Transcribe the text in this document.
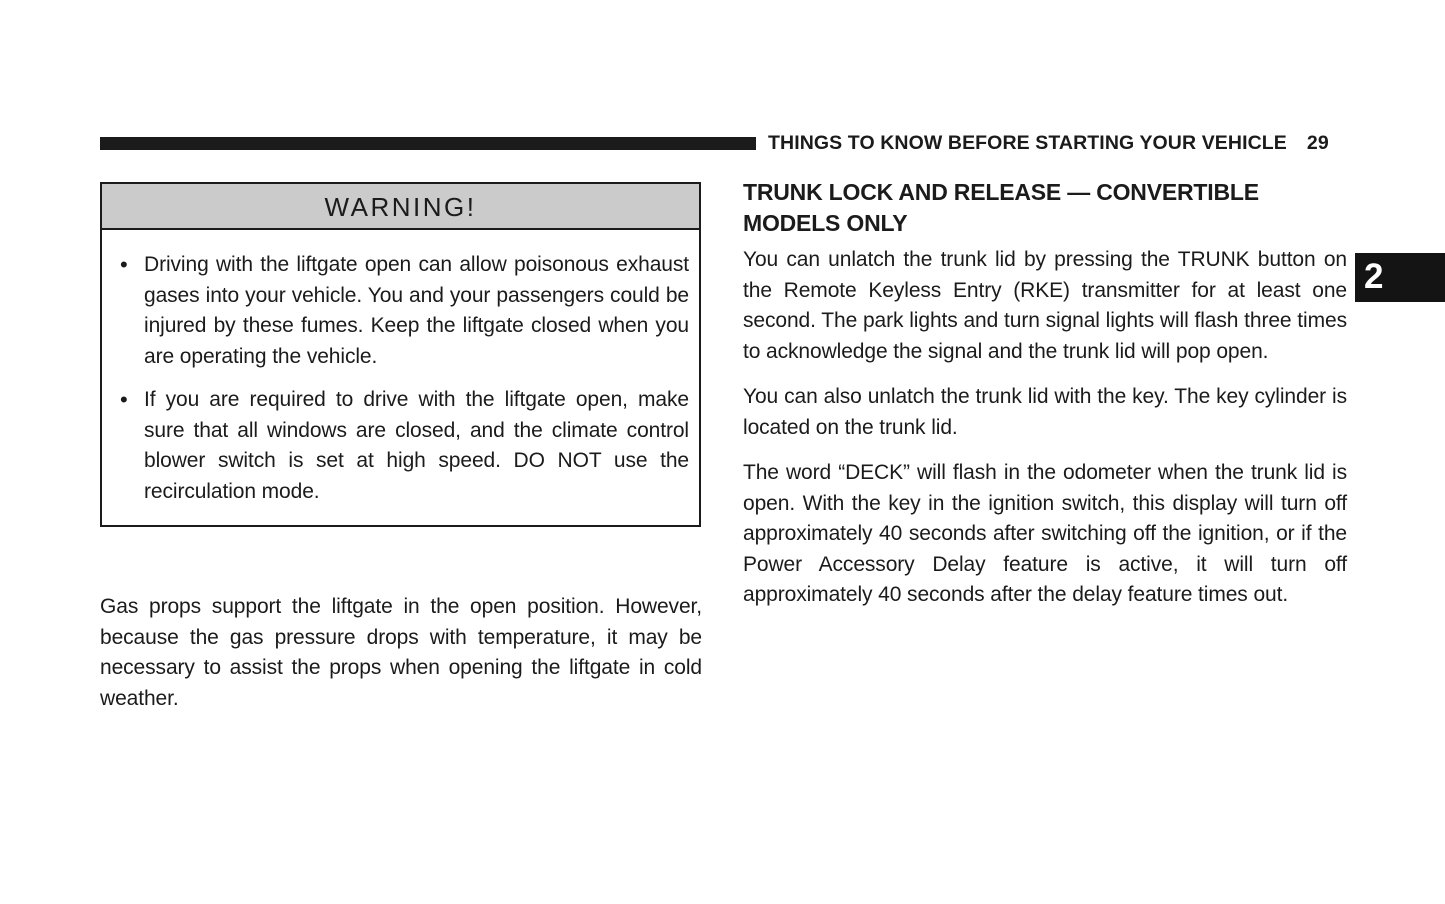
THINGS TO KNOW BEFORE STARTING YOUR VEHICLE 29
2
WARNING!
• Driving with the liftgate open can allow poisonous exhaust gases into your vehicle. You and your passengers could be injured by these fumes. Keep the liftgate closed when you are operating the vehicle.
• If you are required to drive with the liftgate open, make sure that all windows are closed, and the climate control blower switch is set at high speed. DO NOT use the recirculation mode.

Gas props support the liftgate in the open position. However, because the gas pressure drops with temperature, it may be necessary to assist the props when opening the liftgate in cold weather.

TRUNK LOCK AND RELEASE — CONVERTIBLE MODELS ONLY

You can unlatch the trunk lid by pressing the TRUNK button on the Remote Keyless Entry (RKE) transmitter for at least one second. The park lights and turn signal lights will flash three times to acknowledge the signal and the trunk lid will pop open.

You can also unlatch the trunk lid with the key. The key cylinder is located on the trunk lid.

The word “DECK” will flash in the odometer when the trunk lid is open. With the key in the ignition switch, this display will turn off approximately 40 seconds after switching off the ignition, or if the Power Accessory Delay feature is active, it will turn off approximately 40 seconds after the delay feature times out.
